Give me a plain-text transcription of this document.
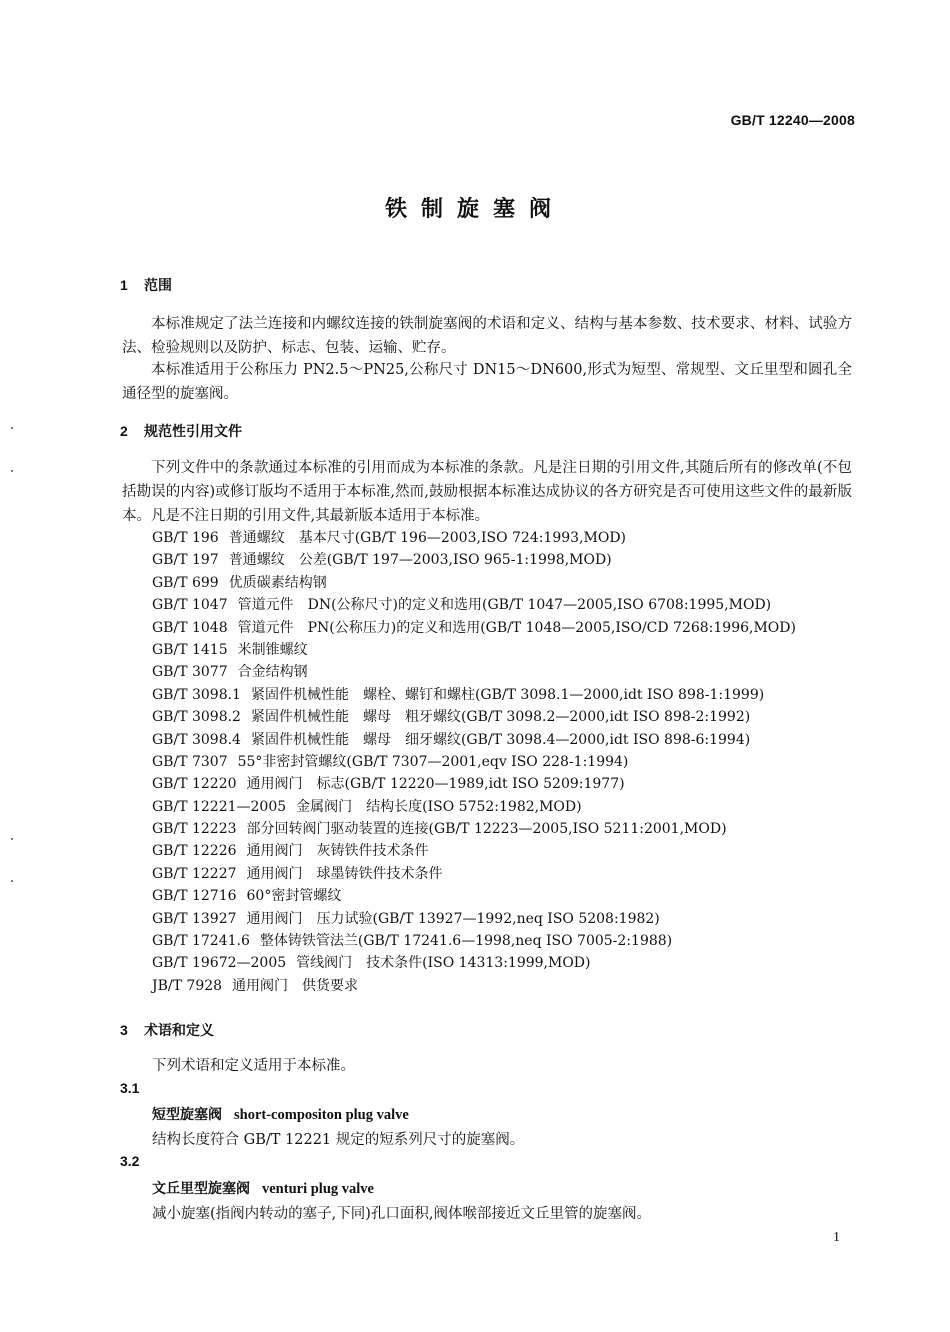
GB/T 12240—2008
铁制旋塞阀
1 范围
本标准规定了法兰连接和内螺纹连接的铁制旋塞阀的术语和定义、结构与基本参数、技术要求、材料、试验方法、检验规则以及防护、标志、包装、运输、贮存。
本标准适用于公称压力 PN2.5～PN25,公称尺寸 DN15～DN600,形式为短型、常规型、文丘里型和圆孔全通径型的旋塞阀。
2 规范性引用文件
下列文件中的条款通过本标准的引用而成为本标准的条款。凡是注日期的引用文件,其随后所有的修改单(不包括勘误的内容)或修订版均不适用于本标准,然而,鼓励根据本标准达成协议的各方研究是否可使用这些文件的最新版本。凡是不注日期的引用文件,其最新版本适用于本标准。
GB/T 196 普通螺纹　基本尺寸(GB/T 196—2003,ISO 724:1993,MOD)
GB/T 197 普通螺纹　公差(GB/T 197—2003,ISO 965-1:1998,MOD)
GB/T 699 优质碳素结构钢
GB/T 1047 管道元件　DN(公称尺寸)的定义和选用(GB/T 1047—2005,ISO 6708:1995,MOD)
GB/T 1048 管道元件　PN(公称压力)的定义和选用(GB/T 1048—2005,ISO/CD 7268:1996,MOD)
GB/T 1415 米制锥螺纹
GB/T 3077 合金结构钢
GB/T 3098.1 紧固件机械性能　螺栓、螺钉和螺柱(GB/T 3098.1—2000,idt ISO 898-1:1999)
GB/T 3098.2 紧固件机械性能　螺母　粗牙螺纹(GB/T 3098.2—2000,idt ISO 898-2:1992)
GB/T 3098.4 紧固件机械性能　螺母　细牙螺纹(GB/T 3098.4—2000,idt ISO 898-6:1994)
GB/T 7307 55°非密封管螺纹(GB/T 7307—2001,eqv ISO 228-1:1994)
GB/T 12220 通用阀门　标志(GB/T 12220—1989,idt ISO 5209:1977)
GB/T 12221—2005 金属阀门　结构长度(ISO 5752:1982,MOD)
GB/T 12223 部分回转阀门驱动装置的连接(GB/T 12223—2005,ISO 5211:2001,MOD)
GB/T 12226 通用阀门　灰铸铁件技术条件
GB/T 12227 通用阀门　球墨铸铁件技术条件
GB/T 12716 60°密封管螺纹
GB/T 13927 通用阀门　压力试验(GB/T 13927—1992,neq ISO 5208:1982)
GB/T 17241.6 整体铸铁管法兰(GB/T 17241.6—1998,neq ISO 7005-2:1988)
GB/T 19672—2005 管线阀门　技术条件(ISO 14313:1999,MOD)
JB/T 7928 通用阀门　供货要求
3 术语和定义
下列术语和定义适用于本标准。
3.1
短型旋塞阀 short-compositon plug valve
结构长度符合 GB/T 12221 规定的短系列尺寸的旋塞阀。
3.2
文丘里型旋塞阀 venturi plug valve
减小旋塞(指阀内转动的塞子,下同)孔口面积,阀体喉部接近文丘里管的旋塞阀。
1
